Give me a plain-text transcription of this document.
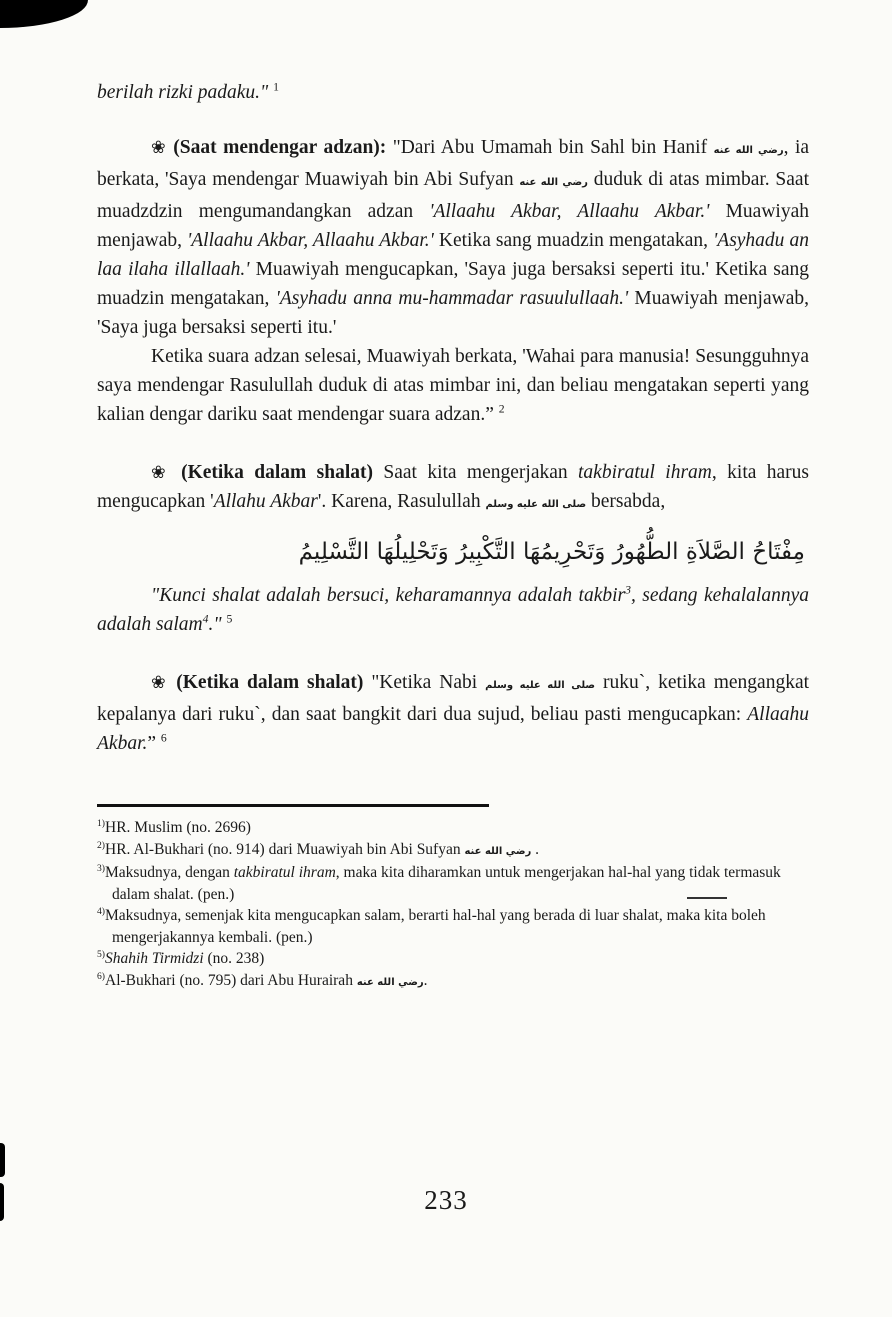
berilah rizki padaku." $^1$

❀ (Saat mendengar adzan): "Dari Abu Umamah bin Sahl bin Hanif رضي الله عنه, ia berkata, 'Saya mendengar Muawiyah bin Abi Sufyan رضي الله عنه duduk di atas mimbar. Saat muadzdzin mengumandangkan adzan 'Allaahu Akbar, Allaahu Akbar.' Muawiyah menjawab, 'Allaahu Akbar, Allaahu Akbar.' Ketika sang muadzin mengatakan, 'Asyhadu an laa ilaha illallaah.' Muawiyah mengucapkan, 'Saya juga bersaksi seperti itu.' Ketika sang muadzin mengatakan, 'Asyhadu anna mu-hammadar rasuulullaah.' Muawiyah menjawab, 'Saya juga bersaksi seperti itu.'

Ketika suara adzan selesai, Muawiyah berkata, 'Wahai para manusia! Sesungguhnya saya mendengar Rasulullah duduk di atas mimbar ini, dan beliau mengatakan seperti yang kalian dengar dariku saat mendengar suara adzan.” $^2$

❀ (Ketika dalam shalat) Saat kita mengerjakan takbiratul ihram, kita harus mengucapkan 'Allahu Akbar'. Karena, Rasulullah صلى الله عليه وسلم bersabda,

مِفْتَاحُ الصَّلاَةِ الطُّهُورُ وَتَحْرِيمُهَا التَّكْبِيرُ وَتَحْلِيلُهَا التَّسْلِيمُ

"Kunci shalat adalah bersuci, keharamannya adalah takbir$^3$, sedang kehalalannya adalah salam$^4$." $^5$

❀ (Ketika dalam shalat) "Ketika Nabi صلى الله عليه وسلم ruku`, ketika mengangkat kepalanya dari ruku`, dan saat bangkit dari dua sujud, beliau pasti mengucapkan: Allaahu Akbar.” $^6$

$^{1)}$HR. Muslim (no. 2696)

$^{2)}$HR. Al-Bukhari (no. 914) dari Muawiyah bin Abi Sufyan رضي الله عنه .

$^{3)}$Maksudnya, dengan takbiratul ihram, maka kita diharamkan untuk mengerjakan hal-hal yang tidak termasuk dalam shalat. (pen.)

$^{4)}$Maksudnya, semenjak kita mengucapkan salam, berarti hal-hal yang berada di luar shalat, maka kita boleh mengerjakannya kembali. (pen.)

$^{5)}$Shahih Tirmidzi (no. 238)

$^{6)}$Al-Bukhari (no. 795) dari Abu Hurairah رضي الله عنه.

233
